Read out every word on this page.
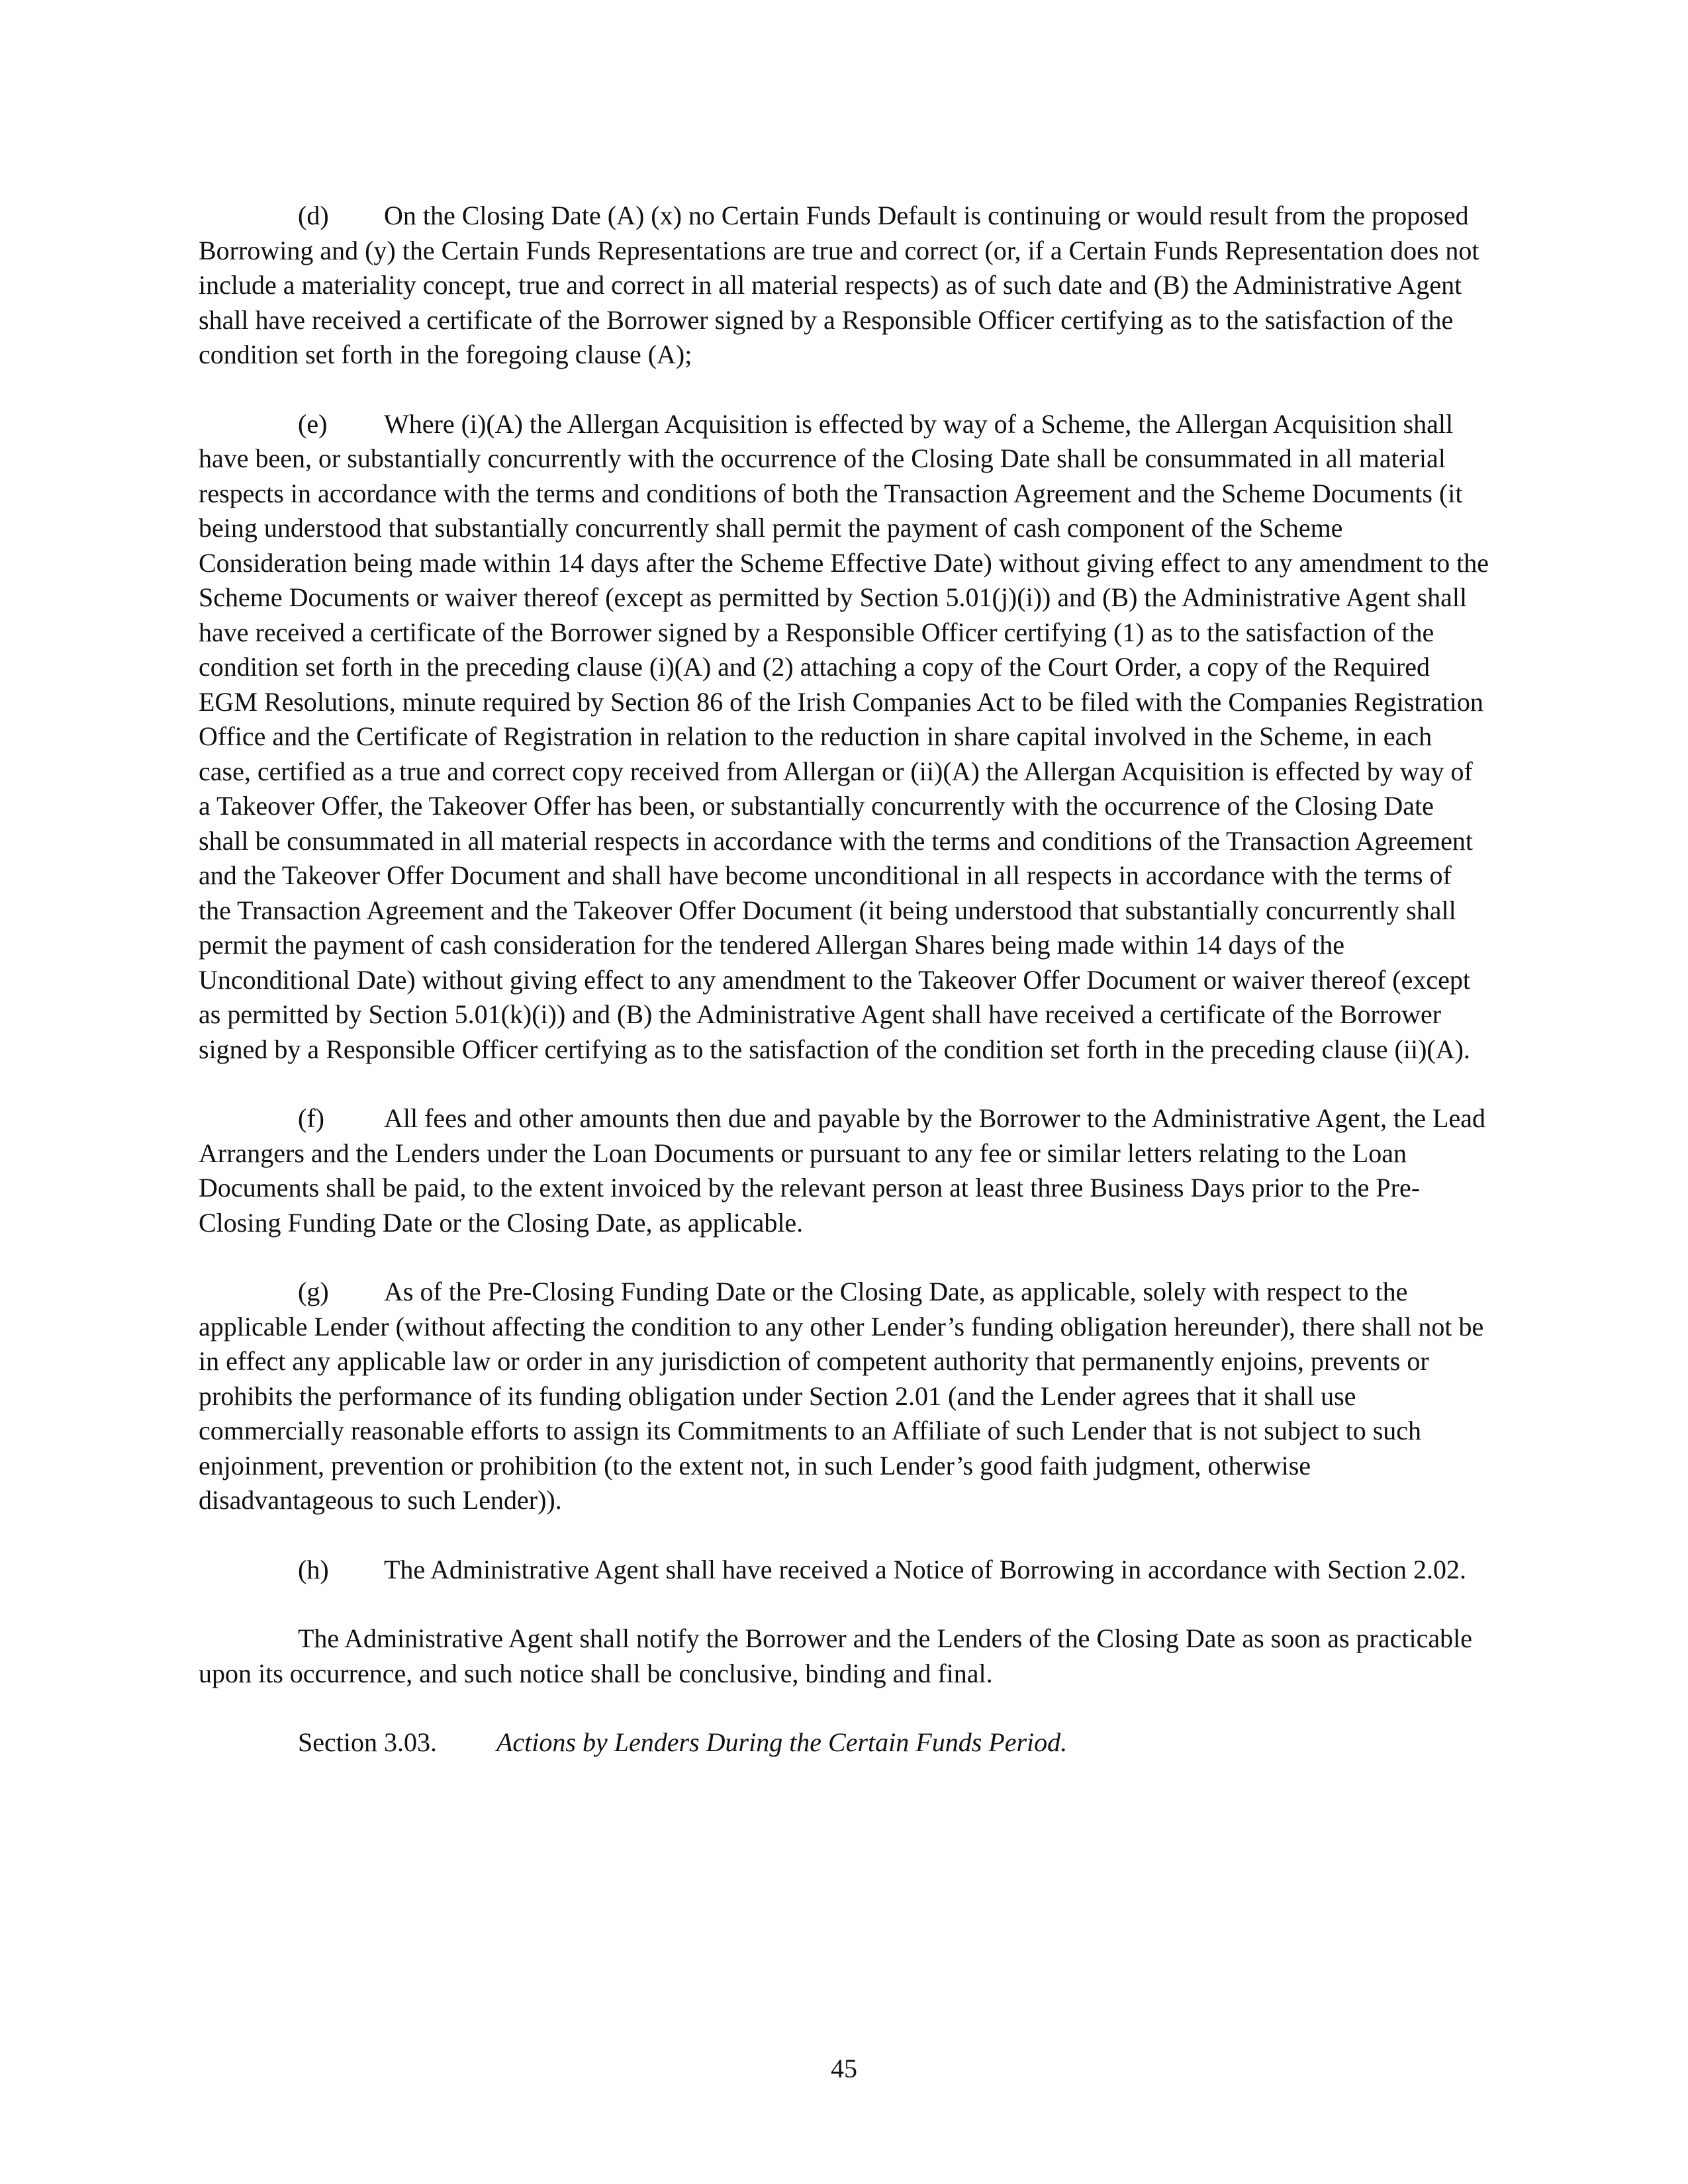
(d) On the Closing Date (A) (x) no Certain Funds Default is continuing or would result from the proposed Borrowing and (y) the Certain Funds Representations are true and correct (or, if a Certain Funds Representation does not include a materiality concept, true and correct in all material respects) as of such date and (B) the Administrative Agent shall have received a certificate of the Borrower signed by a Responsible Officer certifying as to the satisfaction of the condition set forth in the foregoing clause (A);

(e) Where (i)(A) the Allergan Acquisition is effected by way of a Scheme, the Allergan Acquisition shall have been, or substantially concurrently with the occurrence of the Closing Date shall be consummated in all material respects in accordance with the terms and conditions of both the Transaction Agreement and the Scheme Documents (it being understood that substantially concurrently shall permit the payment of cash component of the Scheme Consideration being made within 14 days after the Scheme Effective Date) without giving effect to any amendment to the Scheme Documents or waiver thereof (except as permitted by Section 5.01(j)(i)) and (B) the Administrative Agent shall have received a certificate of the Borrower signed by a Responsible Officer certifying (1) as to the satisfaction of the condition set forth in the preceding clause (i)(A) and (2) attaching a copy of the Court Order, a copy of the Required EGM Resolutions, minute required by Section 86 of the Irish Companies Act to be filed with the Companies Registration Office and the Certificate of Registration in relation to the reduction in share capital involved in the Scheme, in each case, certified as a true and correct copy received from Allergan or (ii)(A) the Allergan Acquisition is effected by way of a Takeover Offer, the Takeover Offer has been, or substantially concurrently with the occurrence of the Closing Date shall be consummated in all material respects in accordance with the terms and conditions of the Transaction Agreement and the Takeover Offer Document and shall have become unconditional in all respects in accordance with the terms of the Transaction Agreement and the Takeover Offer Document (it being understood that substantially concurrently shall permit the payment of cash consideration for the tendered Allergan Shares being made within 14 days of the Unconditional Date) without giving effect to any amendment to the Takeover Offer Document or waiver thereof (except as permitted by Section 5.01(k)(i)) and (B) the Administrative Agent shall have received a certificate of the Borrower signed by a Responsible Officer certifying as to the satisfaction of the condition set forth in the preceding clause (ii)(A).

(f) All fees and other amounts then due and payable by the Borrower to the Administrative Agent, the Lead Arrangers and the Lenders under the Loan Documents or pursuant to any fee or similar letters relating to the Loan Documents shall be paid, to the extent invoiced by the relevant person at least three Business Days prior to the Pre-Closing Funding Date or the Closing Date, as applicable.

(g) As of the Pre-Closing Funding Date or the Closing Date, as applicable, solely with respect to the applicable Lender (without affecting the condition to any other Lender’s funding obligation hereunder), there shall not be in effect any applicable law or order in any jurisdiction of competent authority that permanently enjoins, prevents or prohibits the performance of its funding obligation under Section 2.01 (and the Lender agrees that it shall use commercially reasonable efforts to assign its Commitments to an Affiliate of such Lender that is not subject to such enjoinment, prevention or prohibition (to the extent not, in such Lender’s good faith judgment, otherwise disadvantageous to such Lender)).

(h) The Administrative Agent shall have received a Notice of Borrowing in accordance with Section 2.02.

The Administrative Agent shall notify the Borrower and the Lenders of the Closing Date as soon as practicable upon its occurrence, and such notice shall be conclusive, binding and final.

Section 3.03. Actions by Lenders During the Certain Funds Period.

45
